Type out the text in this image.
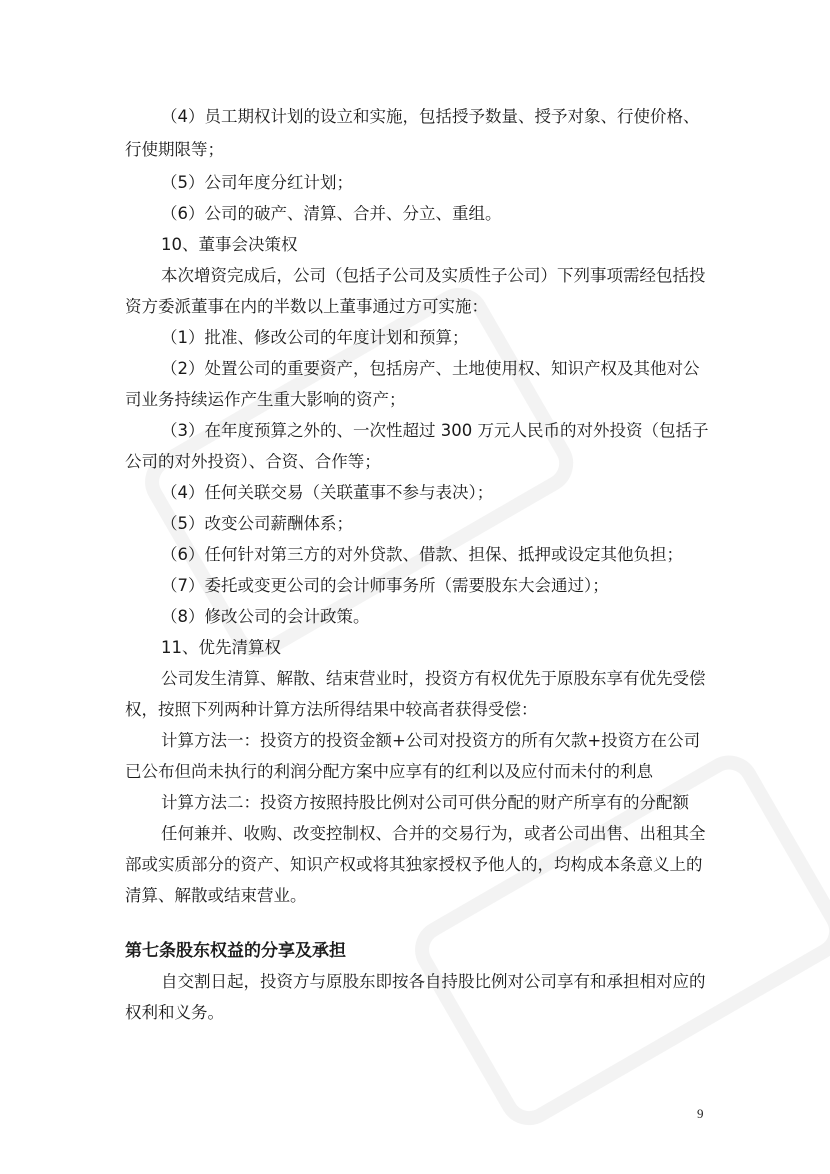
（4）员工期权计划的设立和实施，包括授予数量、授予对象、行使价格、
行使期限等；
（5）公司年度分红计划；
（6）公司的破产、清算、合并、分立、重组。
10、董事会决策权
本次增资完成后，公司（包括子公司及实质性子公司）下列事项需经包括投
资方委派董事在内的半数以上董事通过方可实施：
（1）批准、修改公司的年度计划和预算；
（2）处置公司的重要资产，包括房产、土地使用权、知识产权及其他对公
司业务持续运作产生重大影响的资产；
（3）在年度预算之外的、一次性超过 300 万元人民币的对外投资（包括子
公司的对外投资）、合资、合作等；
（4）任何关联交易（关联董事不参与表决）；
（5）改变公司薪酬体系；
（6）任何针对第三方的对外贷款、借款、担保、抵押或设定其他负担；
（7）委托或变更公司的会计师事务所（需要股东大会通过）；
（8）修改公司的会计政策。
11、优先清算权
公司发生清算、解散、结束营业时，投资方有权优先于原股东享有优先受偿
权，按照下列两种计算方法所得结果中较高者获得受偿：
计算方法一：投资方的投资金额+公司对投资方的所有欠款+投资方在公司
已公布但尚未执行的利润分配方案中应享有的红利以及应付而未付的利息
计算方法二：投资方按照持股比例对公司可供分配的财产所享有的分配额
任何兼并、收购、改变控制权、合并的交易行为，或者公司出售、出租其全
部或实质部分的资产、知识产权或将其独家授权予他人的，均构成本条意义上的
清算、解散或结束营业。
第七条股东权益的分享及承担
自交割日起，投资方与原股东即按各自持股比例对公司享有和承担相对应的
权利和义务。
9
